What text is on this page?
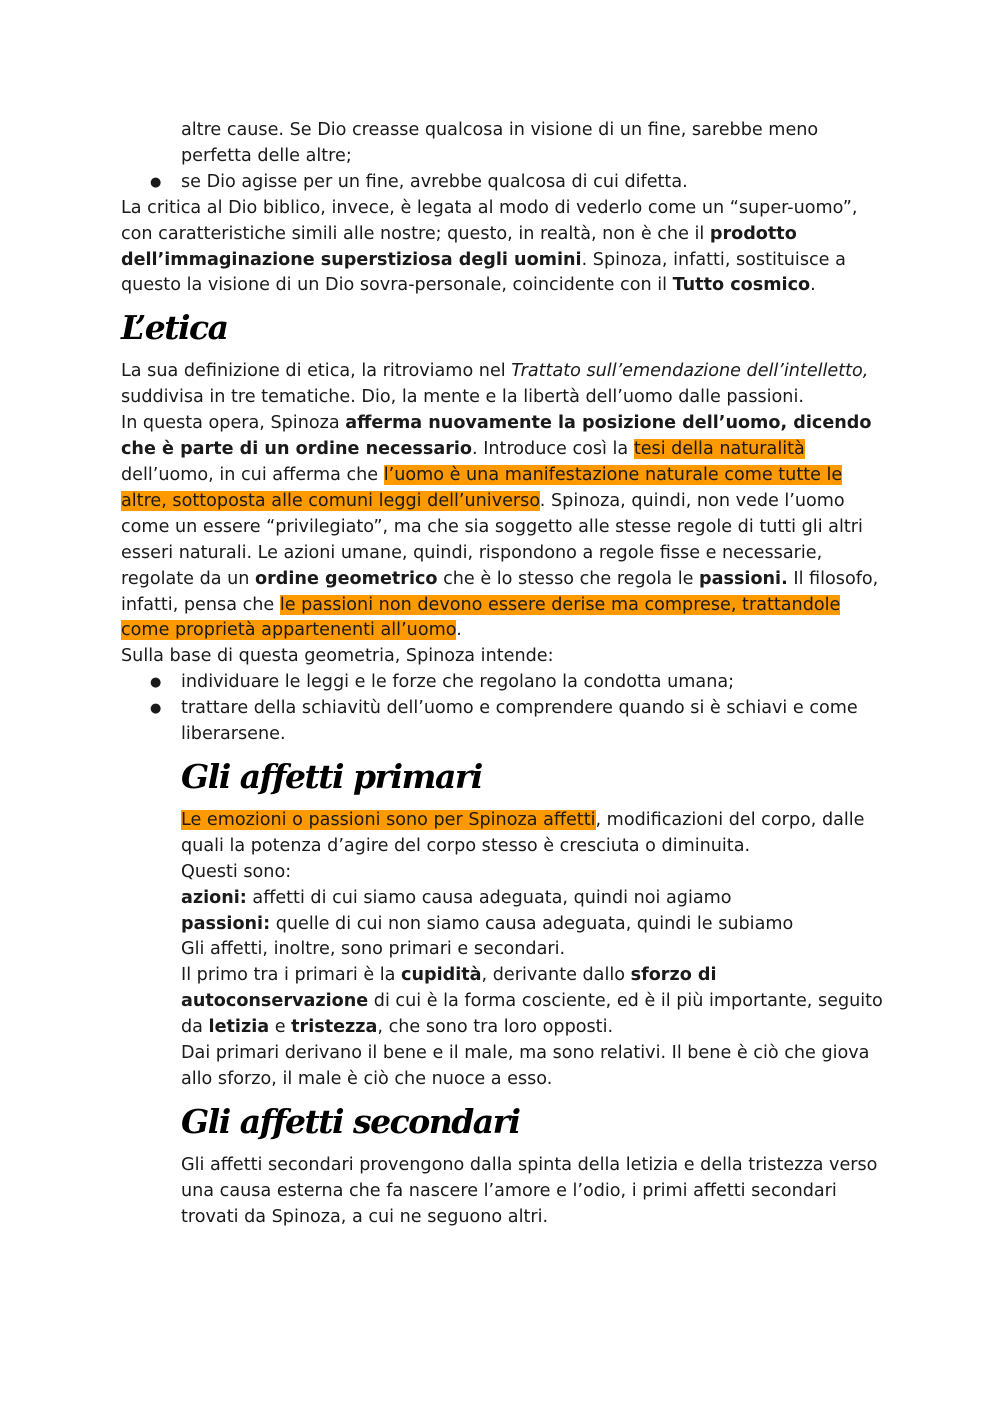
altre cause. Se Dio creasse qualcosa in visione di un fine, sarebbe meno perfetta delle altre;

● se Dio agisse per un fine, avrebbe qualcosa di cui difetta.

La critica al Dio biblico, invece, è legata al modo di vederlo come un “super-uomo”, con caratteristiche simili alle nostre; questo, in realtà, non è che il prodotto dell’immaginazione superstiziosa degli uomini. Spinoza, infatti, sostituisce a questo la visione di un Dio sovra-personale, coincidente con il Tutto cosmico.

L’etica

La sua definizione di etica, la ritroviamo nel Trattato sull’emendazione dell’intelletto, suddivisa in tre tematiche. Dio, la mente e la libertà dell’uomo dalle passioni.

In questa opera, Spinoza afferma nuovamente la posizione dell’uomo, dicendo che è parte di un ordine necessario. Introduce così la tesi della naturalità dell’uomo, in cui afferma che l’uomo è una manifestazione naturale come tutte le altre, sottoposta alle comuni leggi dell’universo. Spinoza, quindi, non vede l’uomo come un essere “privilegiato”, ma che sia soggetto alle stesse regole di tutti gli altri esseri naturali. Le azioni umane, quindi, rispondono a regole fisse e necessarie, regolate da un ordine geometrico che è lo stesso che regola le passioni. Il filosofo, infatti, pensa che le passioni non devono essere derise ma comprese, trattandole come proprietà appartenenti all’uomo.

Sulla base di questa geometria, Spinoza intende:

● individuare le leggi e le forze che regolano la condotta umana;
● trattare della schiavitù dell’uomo e comprendere quando si è schiavi e come liberarsene.
Gli affetti primari

Le emozioni o passioni sono per Spinoza affetti, modificazioni del corpo, dalle quali la potenza d’agire del corpo stesso è cresciuta o diminuita.

Questi sono:

azioni: affetti di cui siamo causa adeguata, quindi noi agiamo

passioni: quelle di cui non siamo causa adeguata, quindi le subiamo

Gli affetti, inoltre, sono primari e secondari.

Il primo tra i primari è la cupidità, derivante dallo sforzo di autoconservazione di cui è la forma cosciente, ed è il più importante, seguito da letizia e tristezza, che sono tra loro opposti.

Dai primari derivano il bene e il male, ma sono relativi. Il bene è ciò che giova allo sforzo, il male è ciò che nuoce a esso.

Gli affetti secondari

Gli affetti secondari provengono dalla spinta della letizia e della tristezza verso una causa esterna che fa nascere l’amore e l’odio, i primi affetti secondari trovati da Spinoza, a cui ne seguono altri.
